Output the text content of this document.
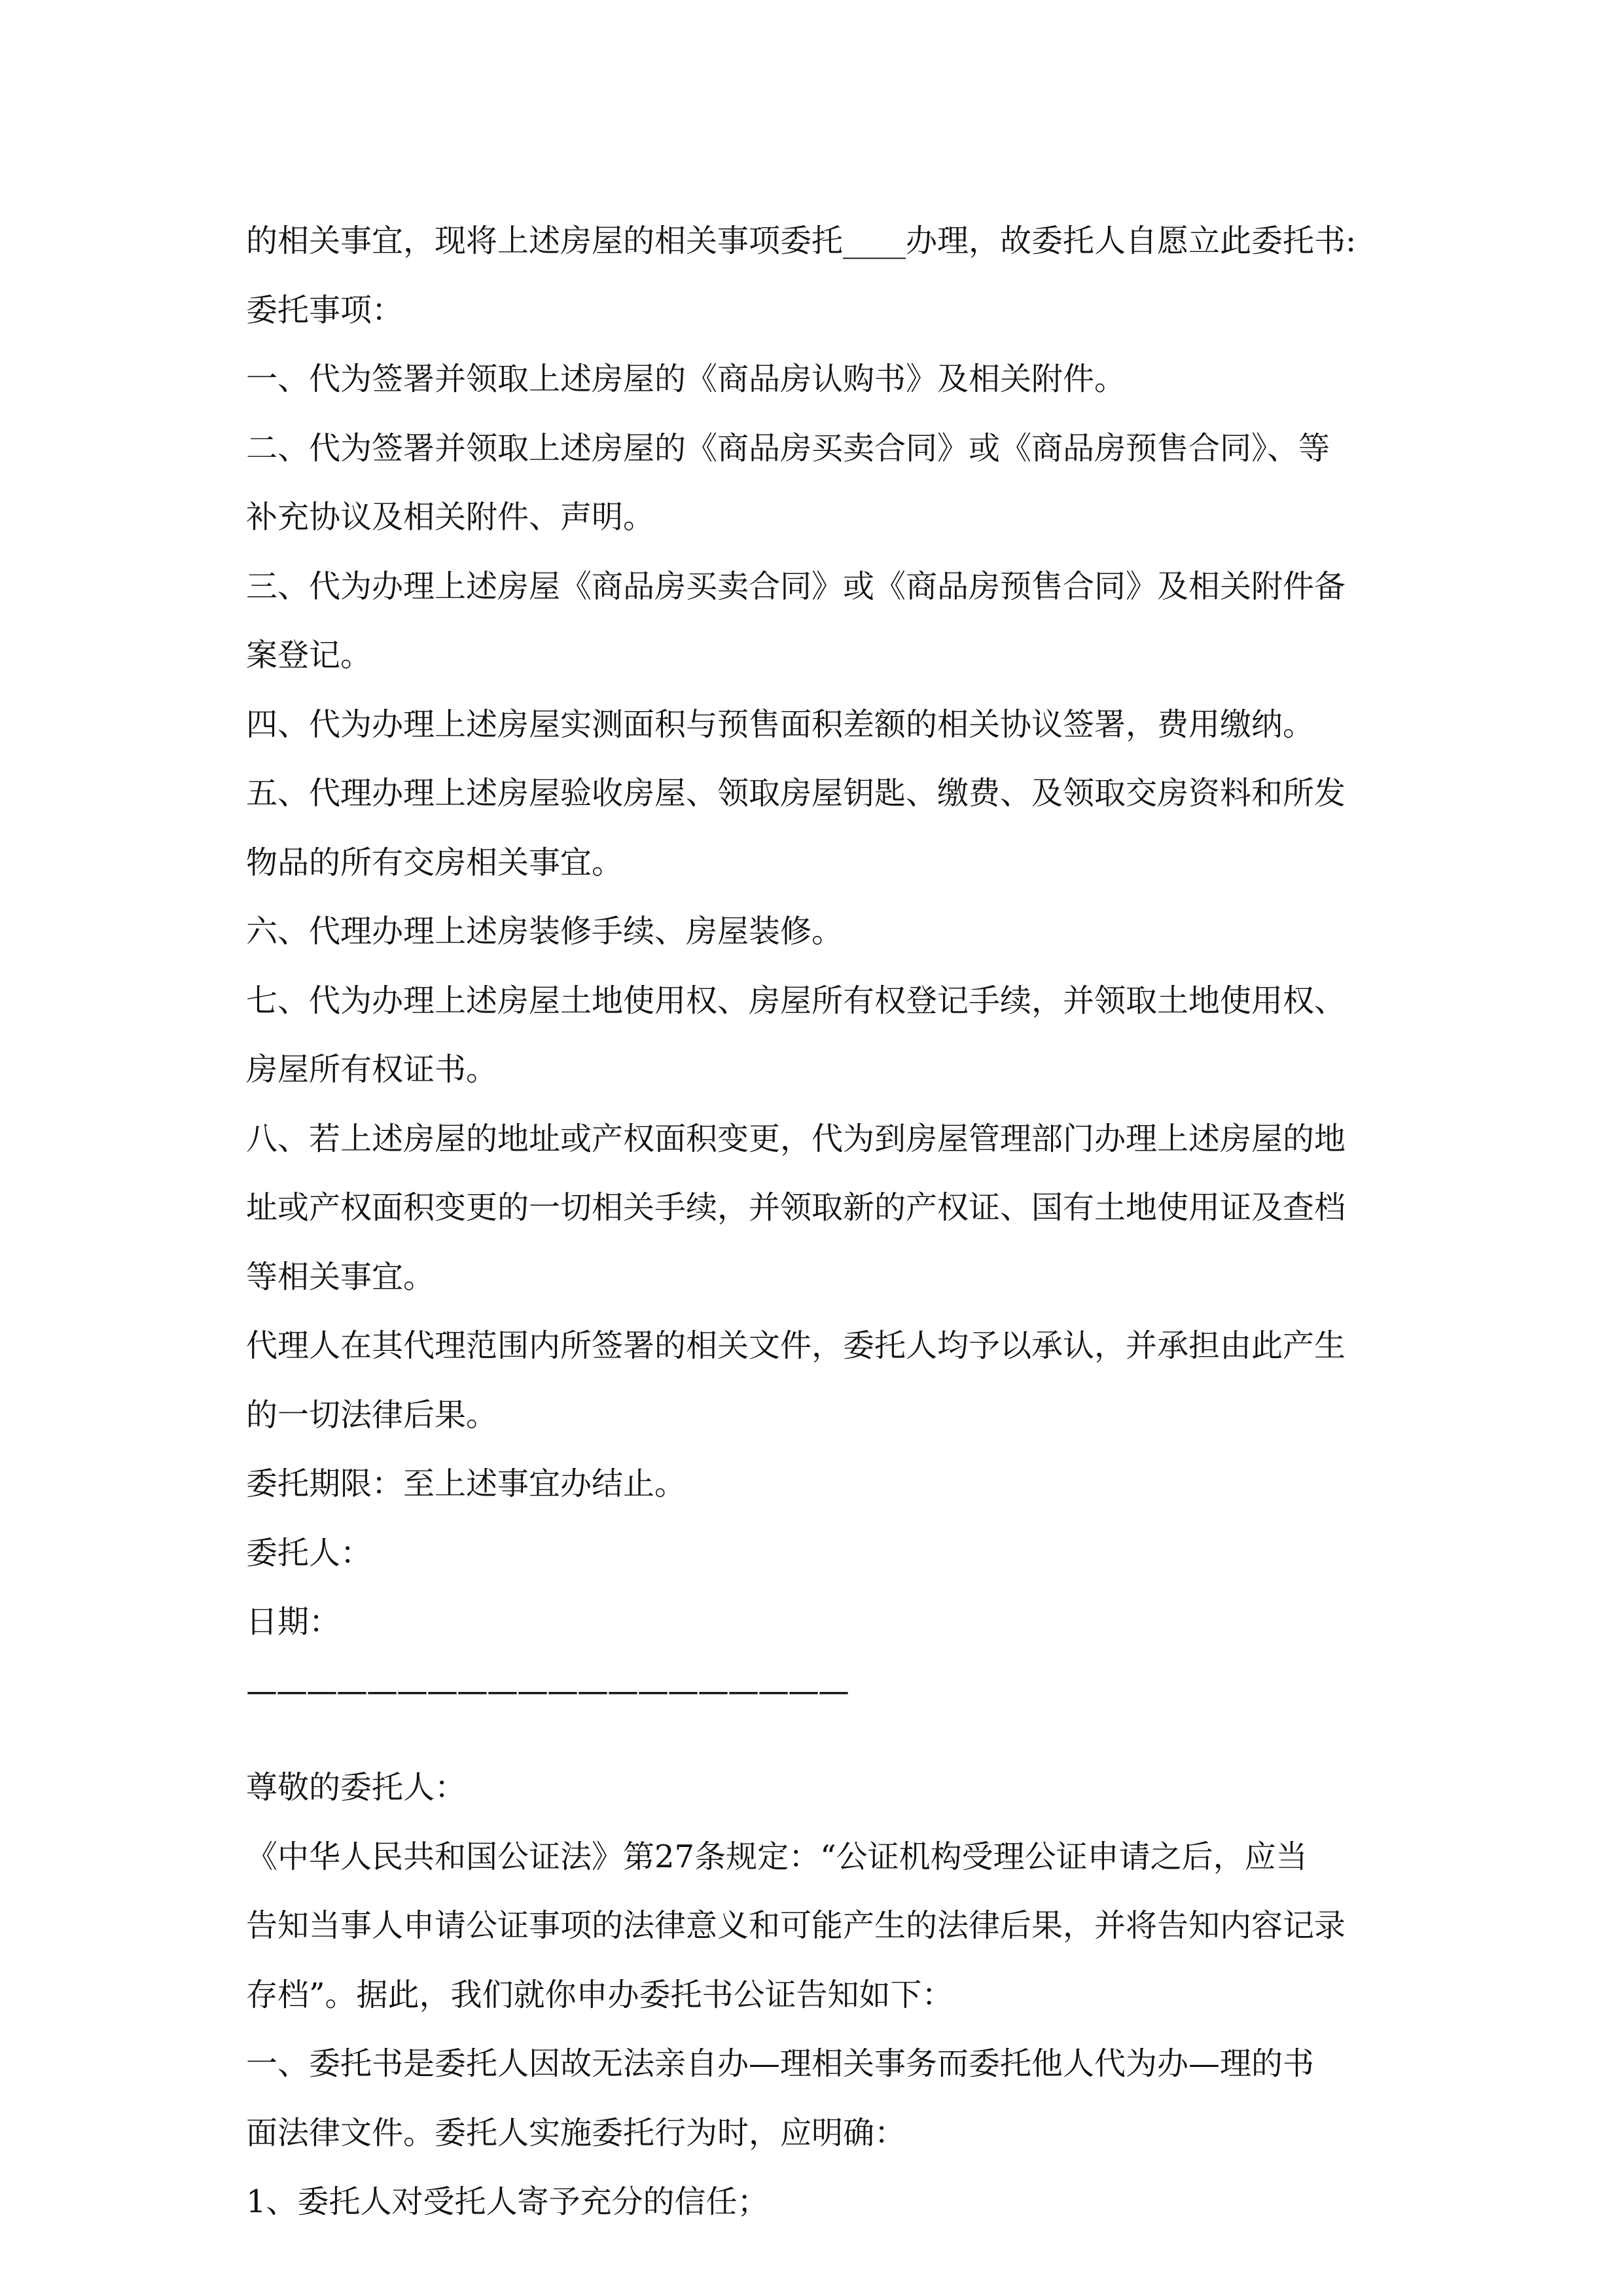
的相关事宜，现将上述房屋的相关事项委托____办理，故委托人自愿立此委托书:

委托事项：

一、代为签署并领取上述房屋的《商品房认购书》及相关附件。

二、代为签署并领取上述房屋的《商品房买卖合同》或《商品房预售合同》、等

补充协议及相关附件、声明。

三、代为办理上述房屋《商品房买卖合同》或《商品房预售合同》及相关附件备

案登记。

四、代为办理上述房屋实测面积与预售面积差额的相关协议签署，费用缴纳。

五、代理办理上述房屋验收房屋、领取房屋钥匙、缴费、及领取交房资料和所发

物品的所有交房相关事宜。

六、代理办理上述房装修手续、房屋装修。

七、代为办理上述房屋土地使用权、房屋所有权登记手续，并领取土地使用权、

房屋所有权证书。

八、若上述房屋的地址或产权面积变更，代为到房屋管理部门办理上述房屋的地

址或产权面积变更的一切相关手续，并领取新的产权证、国有土地使用证及查档

等相关事宜。

代理人在其代理范围内所签署的相关文件，委托人均予以承认，并承担由此产生

的一切法律后果。

委托期限：至上述事宜办结止。

委托人：

日期：

————————————————————

尊敬的委托人：

《中华人民共和国公证法》第27条规定：“公证机构受理公证申请之后，应当

告知当事人申请公证事项的法律意义和可能产生的法律后果，并将告知内容记录

存档”。据此，我们就你申办委托书公证告知如下：

一、委托书是委托人因故无法亲自办—理相关事务而委托他人代为办—理的书

面法律文件。委托人实施委托行为时，应明确：

1、委托人对受托人寄予充分的信任；
